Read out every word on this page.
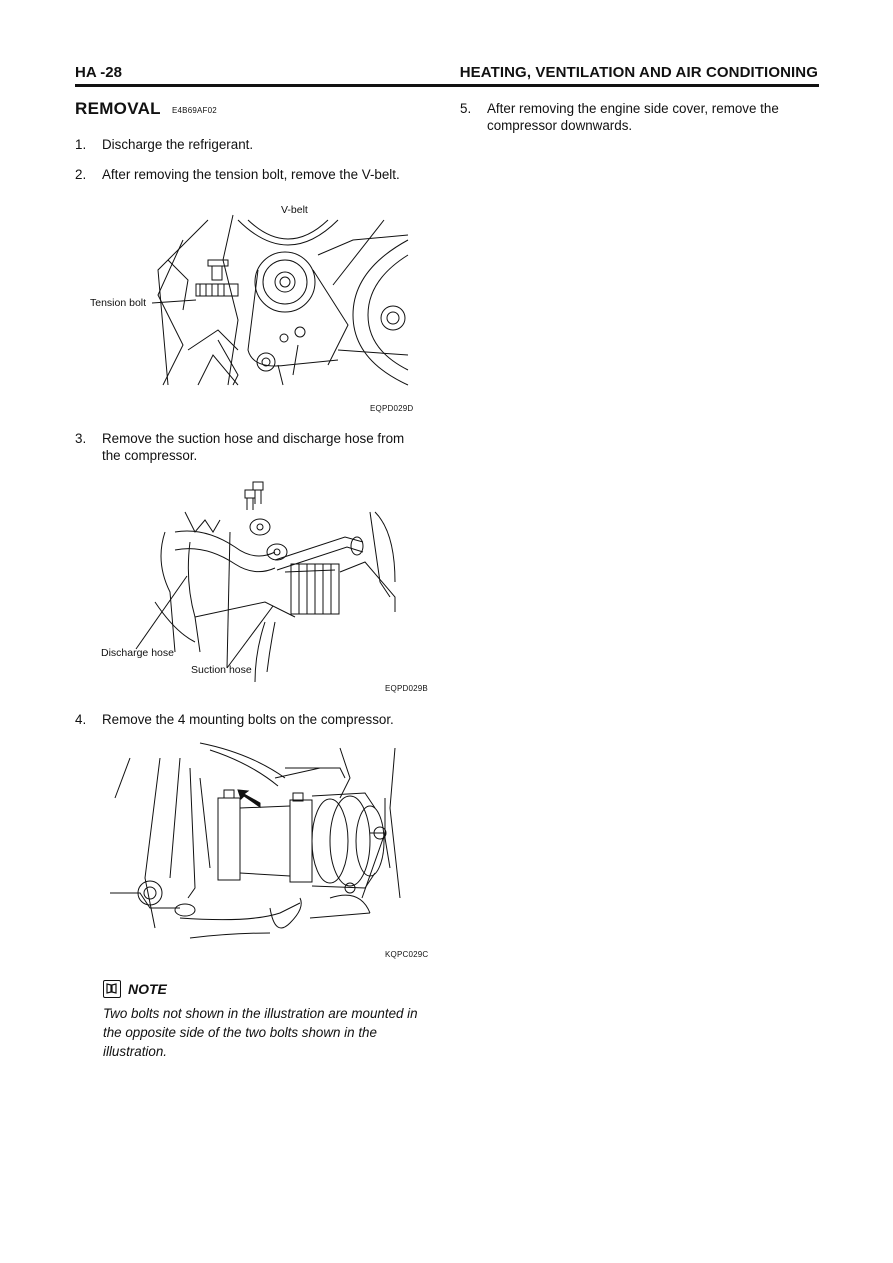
HA -28	HEATING, VENTILATION AND AIR CONDITIONING
REMOVAL E4B69AF02
1. Discharge the refrigerant.
2. After removing the tension bolt, remove the V-belt.
V-belt
Tension bolt
EQPD029D
3. Remove the suction hose and discharge hose from
the compressor.
Discharge hose
Suction hose
EQPD029B
4. Remove the 4 mounting bolts on the compressor.
KQPC029C
NOTE
Two bolts not shown in the illustration are mounted in the opposite side of the two bolts shown in the illustration.
5. After removing the engine side cover, remove the
compressor downwards.
